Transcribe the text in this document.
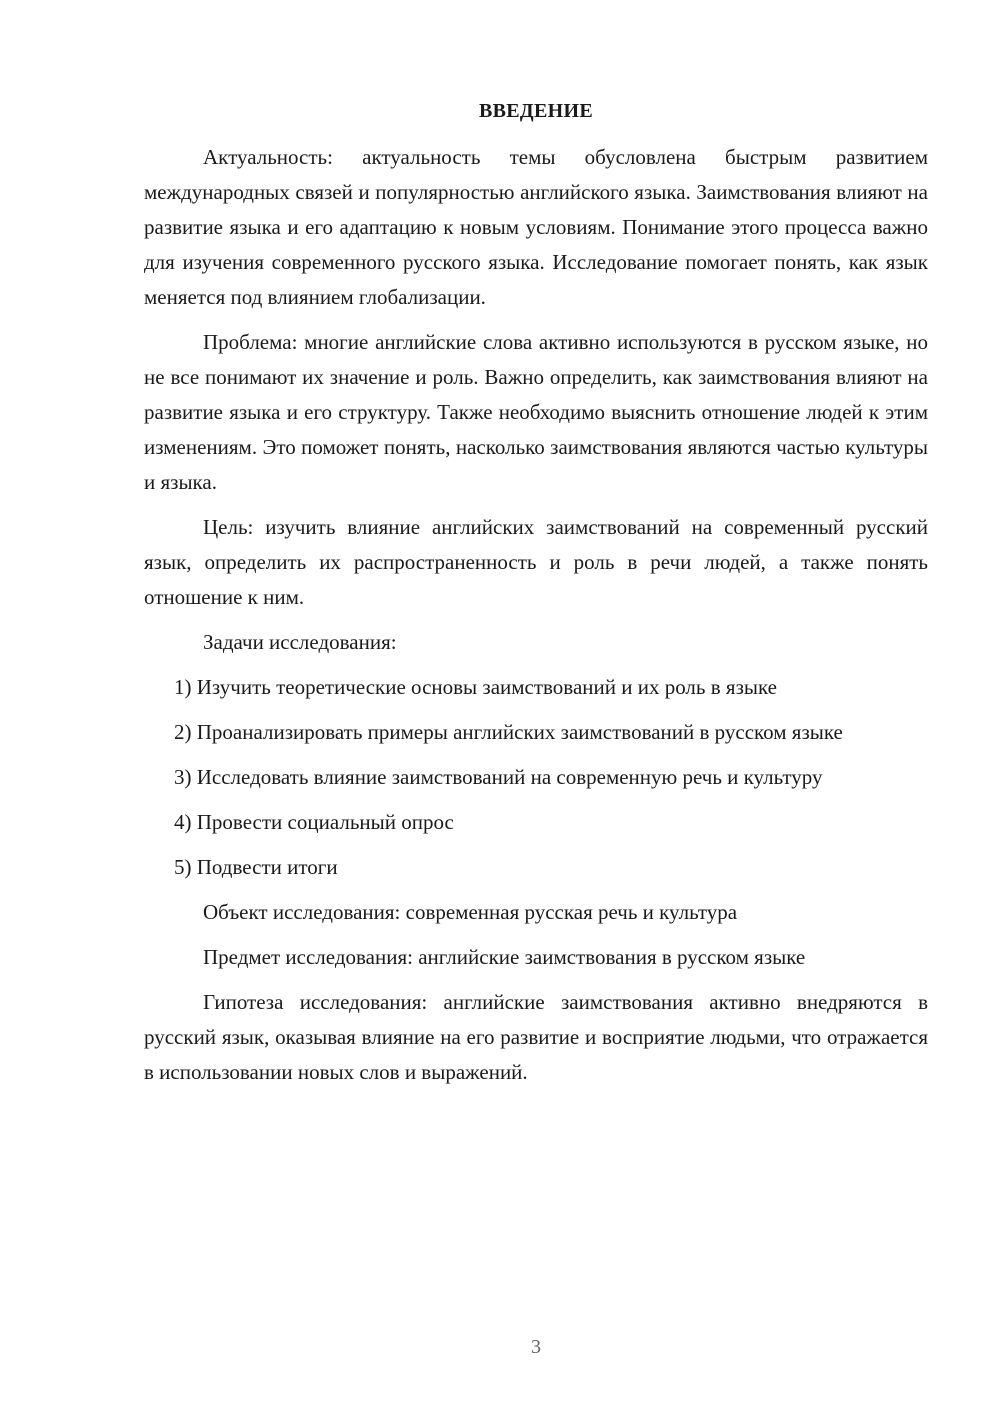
ВВЕДЕНИЕ

Актуальность: актуальность темы обусловлена быстрым развитием международных связей и популярностью английского языка. Заимствования влияют на развитие языка и его адаптацию к новым условиям. Понимание этого процесса важно для изучения современного русского языка. Исследование помогает понять, как язык меняется под влиянием глобализации.

Проблема: многие английские слова активно используются в русском языке, но не все понимают их значение и роль. Важно определить, как заимствования влияют на развитие языка и его структуру. Также необходимо выяснить отношение людей к этим изменениям. Это поможет понять, насколько заимствования являются частью культуры и языка.

Цель: изучить влияние английских заимствований на современный русский язык, определить их распространенность и роль в речи людей, а также понять отношение к ним.

Задачи исследования:

1) Изучить теоретические основы заимствований и их роль в языке

2) Проанализировать примеры английских заимствований в русском языке

3) Исследовать влияние заимствований на современную речь и культуру

4) Провести социальный опрос

5) Подвести итоги

Объект исследования: современная русская речь и культура

Предмет исследования: английские заимствования в русском языке

Гипотеза исследования: английские заимствования активно внедряются в русский язык, оказывая влияние на его развитие и восприятие людьми, что отражается в использовании новых слов и выражений.

3
